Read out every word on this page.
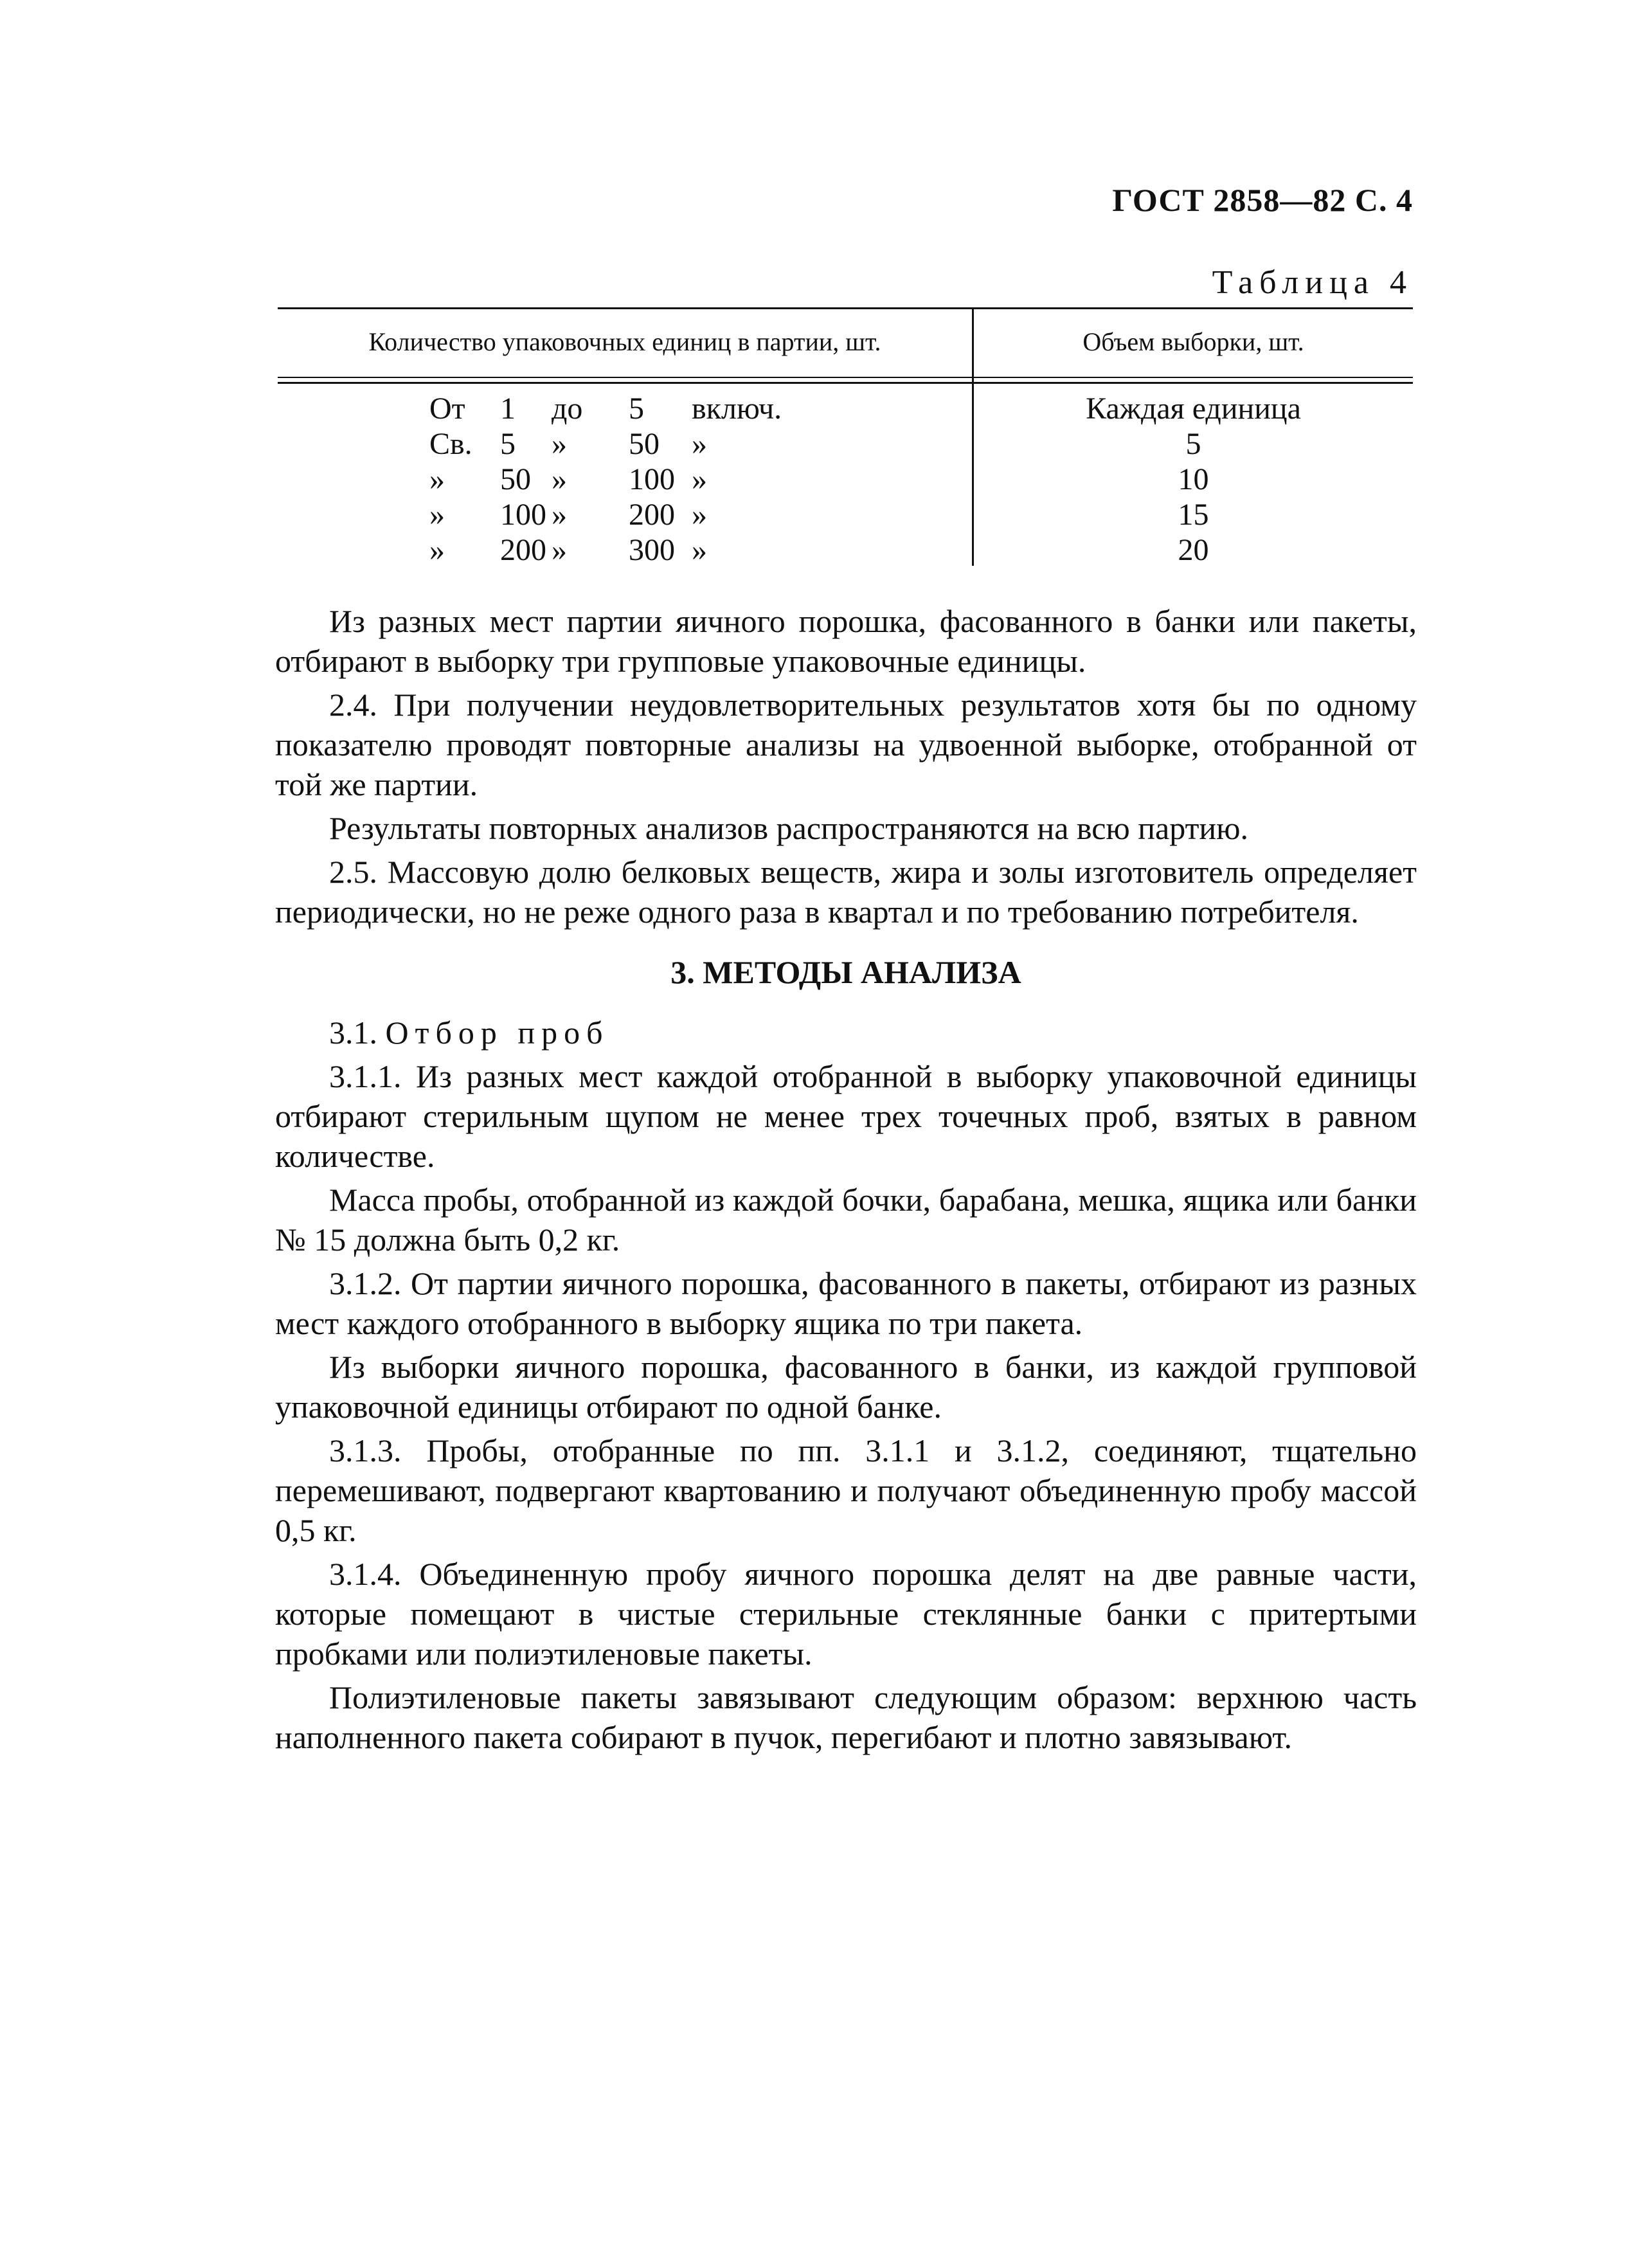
ГОСТ 2858—82 С. 4
Таблица 4
Количество упаковочных единиц в партии, шт.	Объем выборки, шт.
От 1 до 5 включ.
Св. 5 » 50 »
» 50 » 100 »
» 100 » 200 »
» 200 » 300 »
Каждая единица
5
10
15
20

Из разных мест партии яичного порошка, фасованного в банки или пакеты, отбирают в выборку три групповые упаковочные единицы.

2.4. При получении неудовлетворительных результатов хотя бы по одному показателю проводят повторные анализы на удвоенной выборке, отобранной от той же партии.

Результаты повторных анализов распространяются на всю партию.

2.5. Массовую долю белковых веществ, жира и золы изготовитель определяет периодически, но не реже одного раза в квартал и по требованию потребителя.

3. МЕТОДЫ АНАЛИЗА

3.1. Отбор проб

3.1.1. Из разных мест каждой отобранной в выборку упаковочной единицы отбирают стерильным щупом не менее трех точечных проб, взятых в равном количестве.

Масса пробы, отобранной из каждой бочки, барабана, мешка, ящика или банки № 15 должна быть 0,2 кг.

3.1.2. От партии яичного порошка, фасованного в пакеты, отбирают из разных мест каждого отобранного в выборку ящика по три пакета.

Из выборки яичного порошка, фасованного в банки, из каждой групповой упаковочной единицы отбирают по одной банке.

3.1.3. Пробы, отобранные по пп. 3.1.1 и 3.1.2, соединяют, тщательно перемешивают, подвергают квартованию и получают объединенную пробу массой 0,5 кг.

3.1.4. Объединенную пробу яичного порошка делят на две равные части, которые помещают в чистые стерильные стеклянные банки с притертыми пробками или полиэтиленовые пакеты.

Полиэтиленовые пакеты завязывают следующим образом: верхнюю часть наполненного пакета собирают в пучок, перегибают и плотно завязывают.
